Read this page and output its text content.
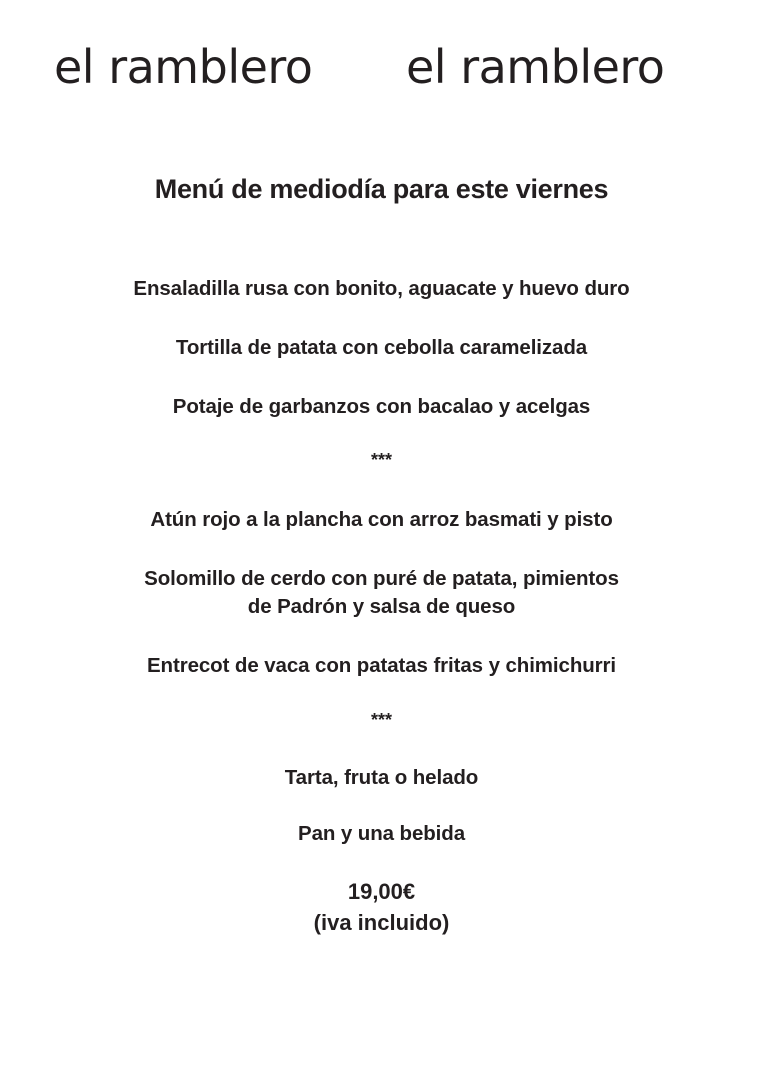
el ramblero el ramblero
Menú de mediodía para este viernes
Ensaladilla rusa con bonito, aguacate y huevo duro
Tortilla de patata con cebolla caramelizada
Potaje de garbanzos con bacalao y acelgas
***
Atún rojo a la plancha con arroz basmati y pisto
Solomillo de cerdo con puré de patata, pimientos
de Padrón y salsa de queso
Entrecot de vaca con patatas fritas y chimichurri
***
Tarta, fruta o helado
Pan y una bebida
19,00€
(iva incluido)
